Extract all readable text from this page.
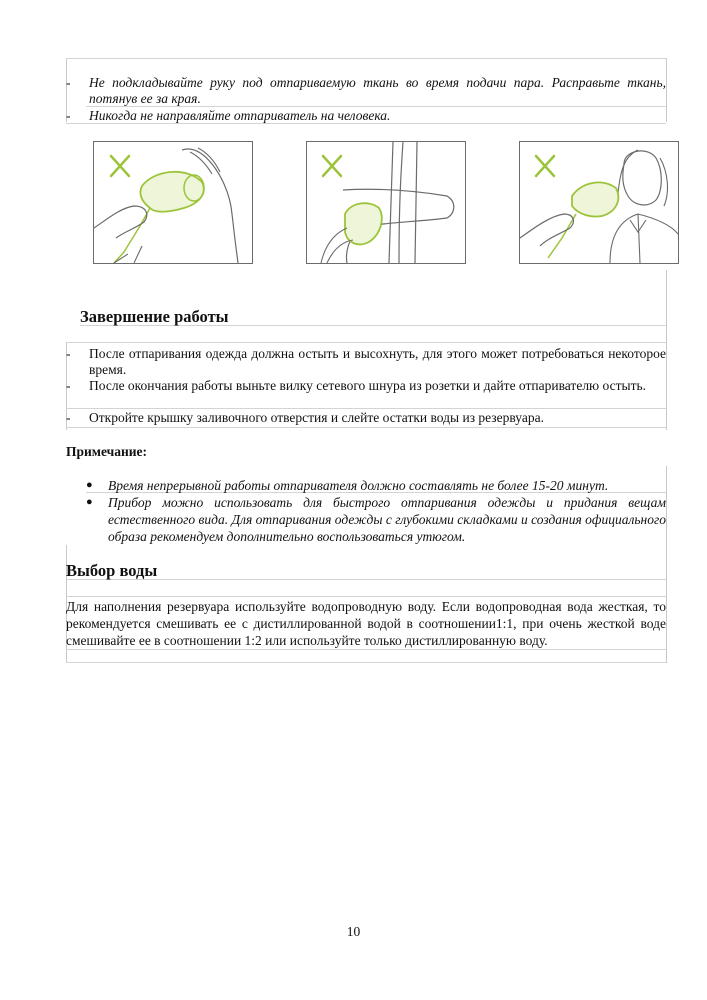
- Не подкладывайте руку под отпариваемую ткань во время подачи пара. Расправьте ткань, потянув ее за края.
- Никогда не направляйте отпариватель на человека.
Завершение работы
- После отпаривания одежда должна остыть и высохнуть, для этого может потребоваться некоторое время.
- После окончания работы выньте вилку сетевого шнура из розетки и дайте отпаривателю остыть.
- Откройте крышку заливочного отверстия и слейте остатки воды из резервуара.
Примечание:
● Время непрерывной работы отпаривателя должно составлять не более 15-20 минут.
● Прибор можно использовать для быстрого отпаривания одежды и придания вещам естественного вида. Для отпаривания одежды с глубокими складками и создания официального образа рекомендуем дополнительно воспользоваться утюгом.
Выбор воды
Для наполнения резервуара используйте водопроводную воду. Если водопроводная вода жесткая, то рекомендуется смешивать ее с дистиллированной водой в соотношении1:1, при очень жесткой воде смешивайте ее в соотношении 1:2 или используйте только дистиллированную воду.
10
